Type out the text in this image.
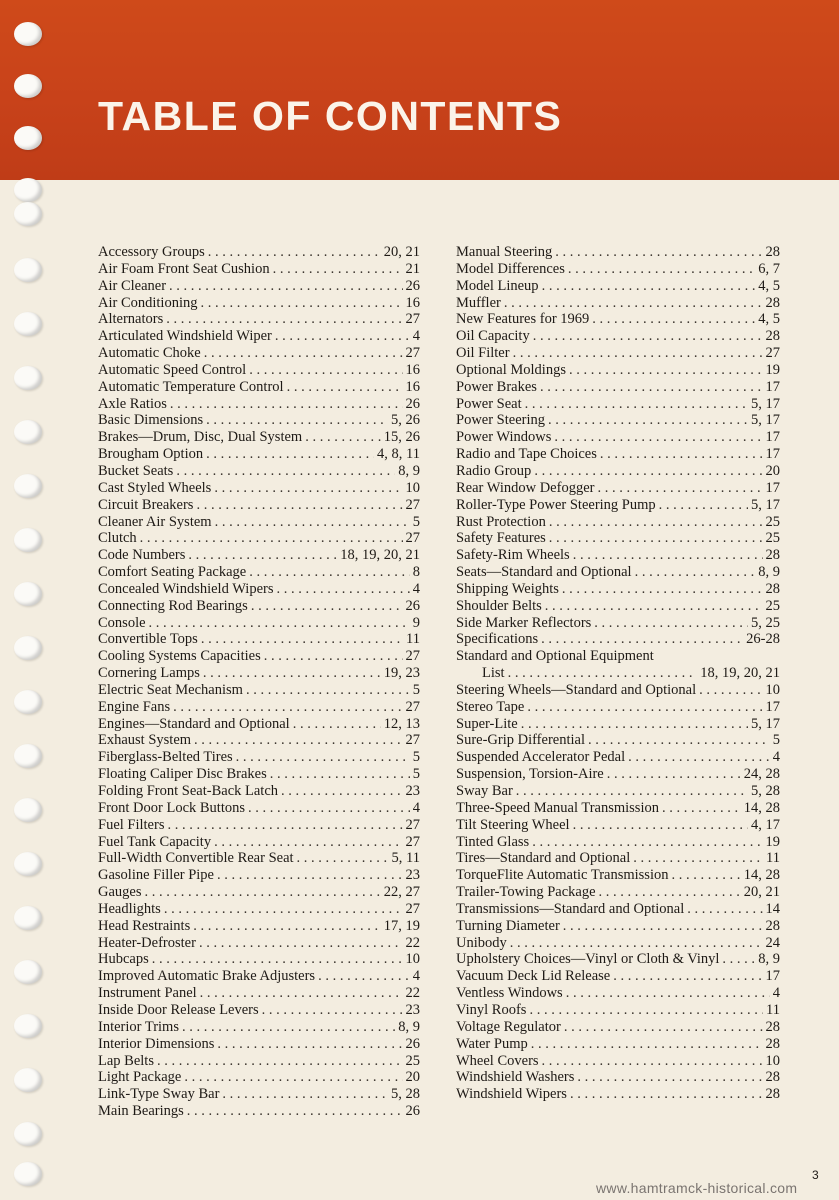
TABLE OF CONTENTS
Accessory Groups . . .	20, 21
Air Foam Front Seat Cushion . . .	21
Air Cleaner . . .	26
Air Conditioning . . .	16
Alternators . . .	27
Articulated Windshield Wiper . . .	4
Automatic Choke . . .	27
Automatic Speed Control . . .	16
Automatic Temperature Control . . .	16
Axle Ratios . . .	26
Basic Dimensions . . .	5, 26
Brakes—Drum, Disc, Dual System . . .	15, 26
Brougham Option . . .	4, 8, 11
Bucket Seats . . .	8, 9
Cast Styled Wheels . . .	10
Circuit Breakers . . .	27
Cleaner Air System . . .	5
Clutch . . .	27
Code Numbers . . .	18, 19, 20, 21
Comfort Seating Package . . .	8
Concealed Windshield Wipers . . .	4
Connecting Rod Bearings . . .	26
Console . . .	9
Convertible Tops . . .	11
Cooling Systems Capacities . . .	27
Cornering Lamps . . .	19, 23
Electric Seat Mechanism . . .	5
Engine Fans . . .	27
Engines—Standard and Optional . . .	12, 13
Exhaust System . . .	27
Fiberglass-Belted Tires . . .	5
Floating Caliper Disc Brakes . . .	5
Folding Front Seat-Back Latch . . .	23
Front Door Lock Buttons . . .	4
Fuel Filters . . .	27
Fuel Tank Capacity . . .	27
Full-Width Convertible Rear Seat . . .	5, 11
Gasoline Filler Pipe . . .	23
Gauges . . .	22, 27
Headlights . . .	27
Head Restraints . . .	17, 19
Heater-Defroster . . .	22
Hubcaps . . .	10
Improved Automatic Brake Adjusters . . .	4
Instrument Panel . . .	22
Inside Door Release Levers . . .	23
Interior Trims . . .	8, 9
Interior Dimensions . . .	26
Lap Belts . . .	25
Light Package . . .	20
Link-Type Sway Bar . . .	5, 28
Main Bearings . . .	26
Manual Steering . . .	28
Model Differences . . .	6, 7
Model Lineup . . .	4, 5
Muffler . . .	28
New Features for 1969 . . .	4, 5
Oil Capacity . . .	28
Oil Filter . . .	27
Optional Moldings . . .	19
Power Brakes . . .	17
Power Seat . . .	5, 17
Power Steering . . .	5, 17
Power Windows . . .	17
Radio and Tape Choices . . .	17
Radio Group . . .	20
Rear Window Defogger . . .	17
Roller-Type Power Steering Pump . . .	5, 17
Rust Protection . . .	25
Safety Features . . .	25
Safety-Rim Wheels . . .	28
Seats—Standard and Optional . . .	8, 9
Shipping Weights . . .	28
Shoulder Belts . . .	25
Side Marker Reflectors . . .	5, 25
Specifications . . .	26-28
Standard and Optional Equipment
List . . .	18, 19, 20, 21
Steering Wheels—Standard and Optional . . .	10
Stereo Tape . . .	17
Super-Lite . . .	5, 17
Sure-Grip Differential . . .	5
Suspended Accelerator Pedal . . .	4
Suspension, Torsion-Aire . . .	24, 28
Sway Bar . . .	5, 28
Three-Speed Manual Transmission . . .	14, 28
Tilt Steering Wheel . . .	4, 17
Tinted Glass . . .	19
Tires—Standard and Optional . . .	11
TorqueFlite Automatic Transmission . . .	14, 28
Trailer-Towing Package . . .	20, 21
Transmissions—Standard and Optional . . .	14
Turning Diameter . . .	28
Unibody . . .	24
Upholstery Choices—Vinyl or Cloth & Vinyl . . .	8, 9
Vacuum Deck Lid Release . . .	17
Ventless Windows . . .	4
Vinyl Roofs . . .	11
Voltage Regulator . . .	28
Water Pump . . .	28
Wheel Covers . . .	10
Windshield Washers . . .	28
Windshield Wipers . . .	28
3
www.hamtramck-historical.com
